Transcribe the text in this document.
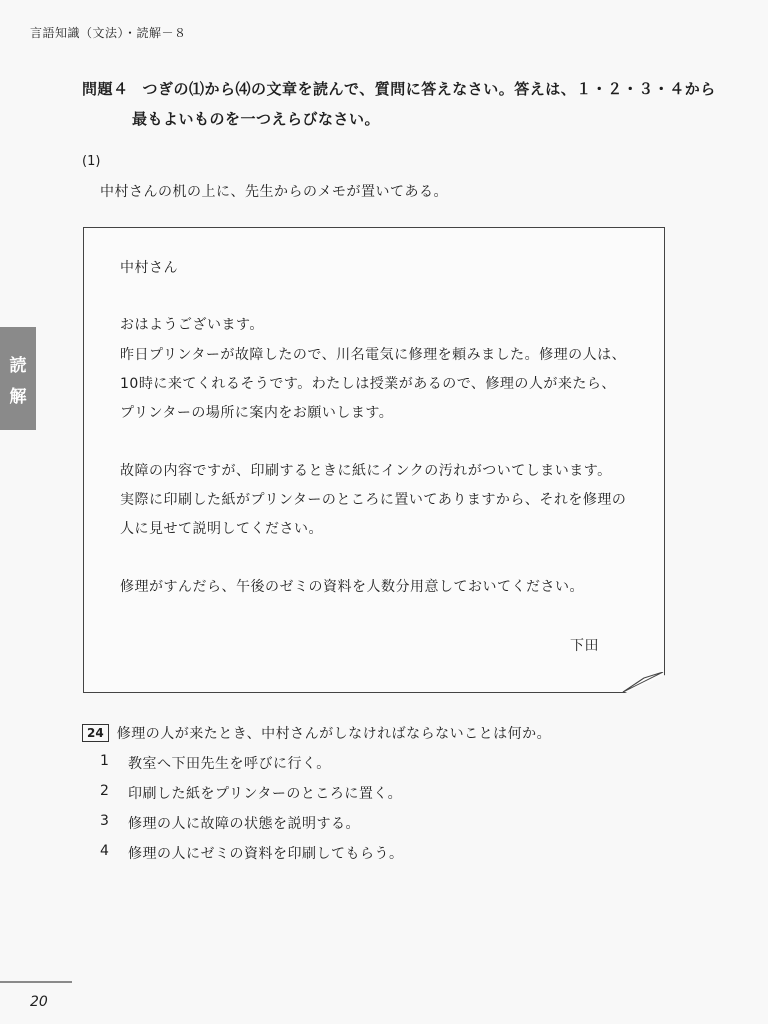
言語知識（文法）・読解－８
読
解
問題４ つぎの⑴から⑷の文章を読んで、質問に答えなさい。答えは、１・２・３・４から
最もよいものを一つえらびなさい。
(1)
中村さんの机の上に、先生からのメモが置いてある。
中村さん
おはようございます。
昨日プリンターが故障したので、川名電気に修理を頼みました。修理の人は、
10時に来てくれるそうです。わたしは授業があるので、修理の人が来たら、
プリンターの場所に案内をお願いします。
故障の内容ですが、印刷するときに紙にインクの汚れがついてしまいます。
実際に印刷した紙がプリンターのところに置いてありますから、それを修理の
人に見せて説明してください。
修理がすんだら、午後のゼミの資料を人数分用意しておいてください。
下田
24 修理の人が来たとき、中村さんがしなければならないことは何か。
1	教室へ下田先生を呼びに行く。
2	印刷した紙をプリンターのところに置く。
3	修理の人に故障の状態を説明する。
4	修理の人にゼミの資料を印刷してもらう。
20
